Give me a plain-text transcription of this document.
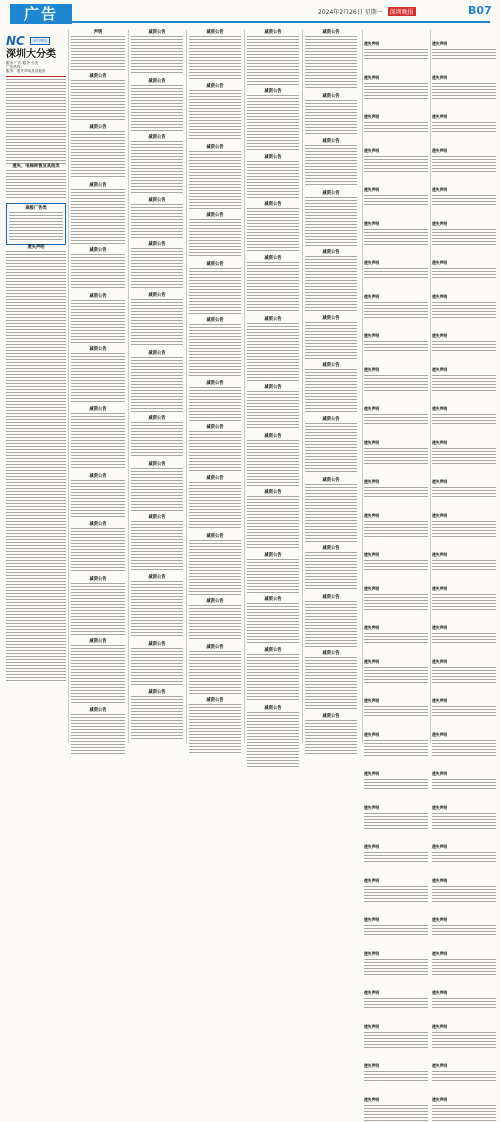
广告	2024年2月26日 星期一 深圳晚报	B07
NC 深圳晚报
深圳大分类
服务 厂告 服务 分类
广告热线：
服务：遗失声明及其他类
遗失、电梯转售及其他类
高级厂告类
遗失声明
声明
减资公告
减资公告
减资公告
减资公告
减资公告
减资公告
减资公告
减资公告
减资公告
减资公告
减资公告
减资公告
减资公告
减资公告
减资公告
减资公告
减资公告
减资公告
减资公告
减资公告
减资公告
减资公告
减资公告
减资公告
减资公告
减资公告
减资公告
减资公告
减资公告
减资公告
减资公告
减资公告
减资公告
减资公告
减资公告
减资公告
减资公告
减资公告
减资公告
减资公告
减资公告
减资公告
减资公告
减资公告
减资公告
减资公告
减资公告
减资公告
减资公告
减资公告
减资公告
减资公告
减资公告
减资公告
减资公告
减资公告
减资公告
减资公告
减资公告
减资公告
减资公告
减资公告
减资公告
减资公告
遗失声明
遗失声明
遗失声明
遗失声明
遗失声明
遗失声明
遗失声明
遗失声明
遗失声明
遗失声明
遗失声明
遗失声明
遗失声明
遗失声明
遗失声明
遗失声明
遗失声明
遗失声明
遗失声明
遗失声明
遗失声明
遗失声明
遗失声明
遗失声明
遗失声明
遗失声明
遗失声明
遗失声明
遗失声明
遗失声明
遗失声明
遗失声明
遗失声明
遗失声明
遗失声明
遗失声明
遗失声明
遗失声明
遗失声明
遗失声明
遗失声明
遗失声明
遗失声明
遗失声明
遗失声明
遗失声明
遗失声明
遗失声明
遗失声明
遗失声明
遗失声明
遗失声明
遗失声明
遗失声明
遗失声明
遗失声明
遗失声明
遗失声明
遗失声明
遗失声明
